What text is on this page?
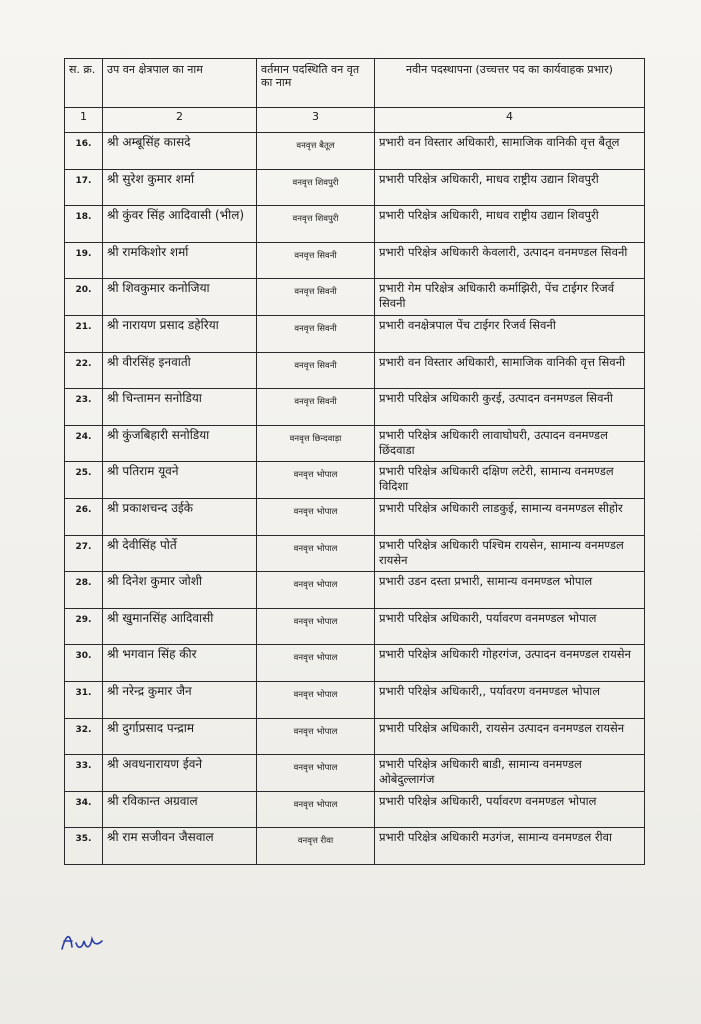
स. क्र.	उप वन क्षेत्रपाल का नाम	वर्तमान पदस्थिति वन वृत का नाम	नवीन पदस्थापना (उच्चत्तर पद का कार्यवाहक प्रभार)
1	2	3	4
16.	श्री अम्बूसिंह कासदे	वनवृत्त बैतूल	प्रभारी वन विस्तार अधिकारी, सामाजिक वानिकी वृत्त बैतूल
17.	श्री सुरेश कुमार शर्मा	वनवृत्त शिवपुरी	प्रभारी परिक्षेत्र अधिकारी, माधव राष्ट्रीय उद्यान शिवपुरी
18.	श्री कुंवर सिंह आदिवासी (भील)	वनवृत्त शिवपुरी	प्रभारी परिक्षेत्र अधिकारी, माधव राष्ट्रीय उद्यान शिवपुरी
19.	श्री रामकिशोर शर्मा	वनवृत्त सिवनी	प्रभारी परिक्षेत्र अधिकारी केवलारी, उत्पादन वनमण्डल सिवनी
20.	श्री शिवकुमार कनोजिया	वनवृत्त सिवनी	प्रभारी गेम परिक्षेत्र अधिकारी कर्माझिरी, पेंच टाईगर रिजर्व सिवनी
21.	श्री नारायण प्रसाद डहेरिया	वनवृत्त सिवनी	प्रभारी वनक्षेत्रपाल पेंच टाईगर रिजर्व सिवनी
22.	श्री वीरसिंह इनवाती	वनवृत्त सिवनी	प्रभारी वन विस्तार अधिकारी, सामाजिक वानिकी वृत्त सिवनी
23.	श्री चिन्तामन सनोडिया	वनवृत्त सिवनी	प्रभारी परिक्षेत्र अधिकारी कुरई, उत्पादन वनमण्डल सिवनी
24.	श्री कुंजबिहारी सनोडिया	वनवृत्त छिन्दवाड़ा	प्रभारी परिक्षेत्र अधिकारी लावाघोघरी, उत्पादन वनमण्डल छिंदवाडा
25.	श्री पतिराम यूवने	वनवृत्त भोपाल	प्रभारी परिक्षेत्र अधिकारी दक्षिण लटेरी, सामान्य वनमण्डल विदिशा
26.	श्री प्रकाशचन्द उईके	वनवृत्त भोपाल	प्रभारी परिक्षेत्र अधिकारी लाडकुई, सामान्य वनमण्डल सीहोर
27.	श्री देवीसिंह पोर्ते	वनवृत्त भोपाल	प्रभारी परिक्षेत्र अधिकारी पश्चिम रायसेन, सामान्य वनमण्डल रायसेन
28.	श्री दिनेश कुमार जोशी	वनवृत्त भोपाल	प्रभारी उडन दस्ता प्रभारी, सामान्य वनमण्डल भोपाल
29.	श्री खुमानसिंह आदिवासी	वनवृत्त भोपाल	प्रभारी परिक्षेत्र अधिकारी, पर्यावरण वनमण्डल भोपाल
30.	श्री भगवान सिंह कीर	वनवृत्त भोपाल	प्रभारी परिक्षेत्र अधिकारी गोहरगंज, उत्पादन वनमण्डल रायसेन
31.	श्री नरेन्द्र कुमार जैन	वनवृत्त भोपाल	प्रभारी परिक्षेत्र अधिकारी,, पर्यावरण वनमण्डल भोपाल
32.	श्री दुर्गाप्रसाद पन्द्राम	वनवृत्त भोपाल	प्रभारी परिक्षेत्र अधिकारी, रायसेन उत्पादन वनमण्डल रायसेन
33.	श्री अवधनारायण ईवने	वनवृत्त भोपाल	प्रभारी परिक्षेत्र अधिकारी बाडी, सामान्य वनमण्डल ओबेदुल्लागंज
34.	श्री रविकान्त अग्रवाल	वनवृत्त भोपाल	प्रभारी परिक्षेत्र अधिकारी, पर्यावरण वनमण्डल भोपाल
35.	श्री राम सजीवन जैसवाल	वनवृत्त रीवा	प्रभारी परिक्षेत्र अधिकारी मउगंज, सामान्य वनमण्डल रीवा
